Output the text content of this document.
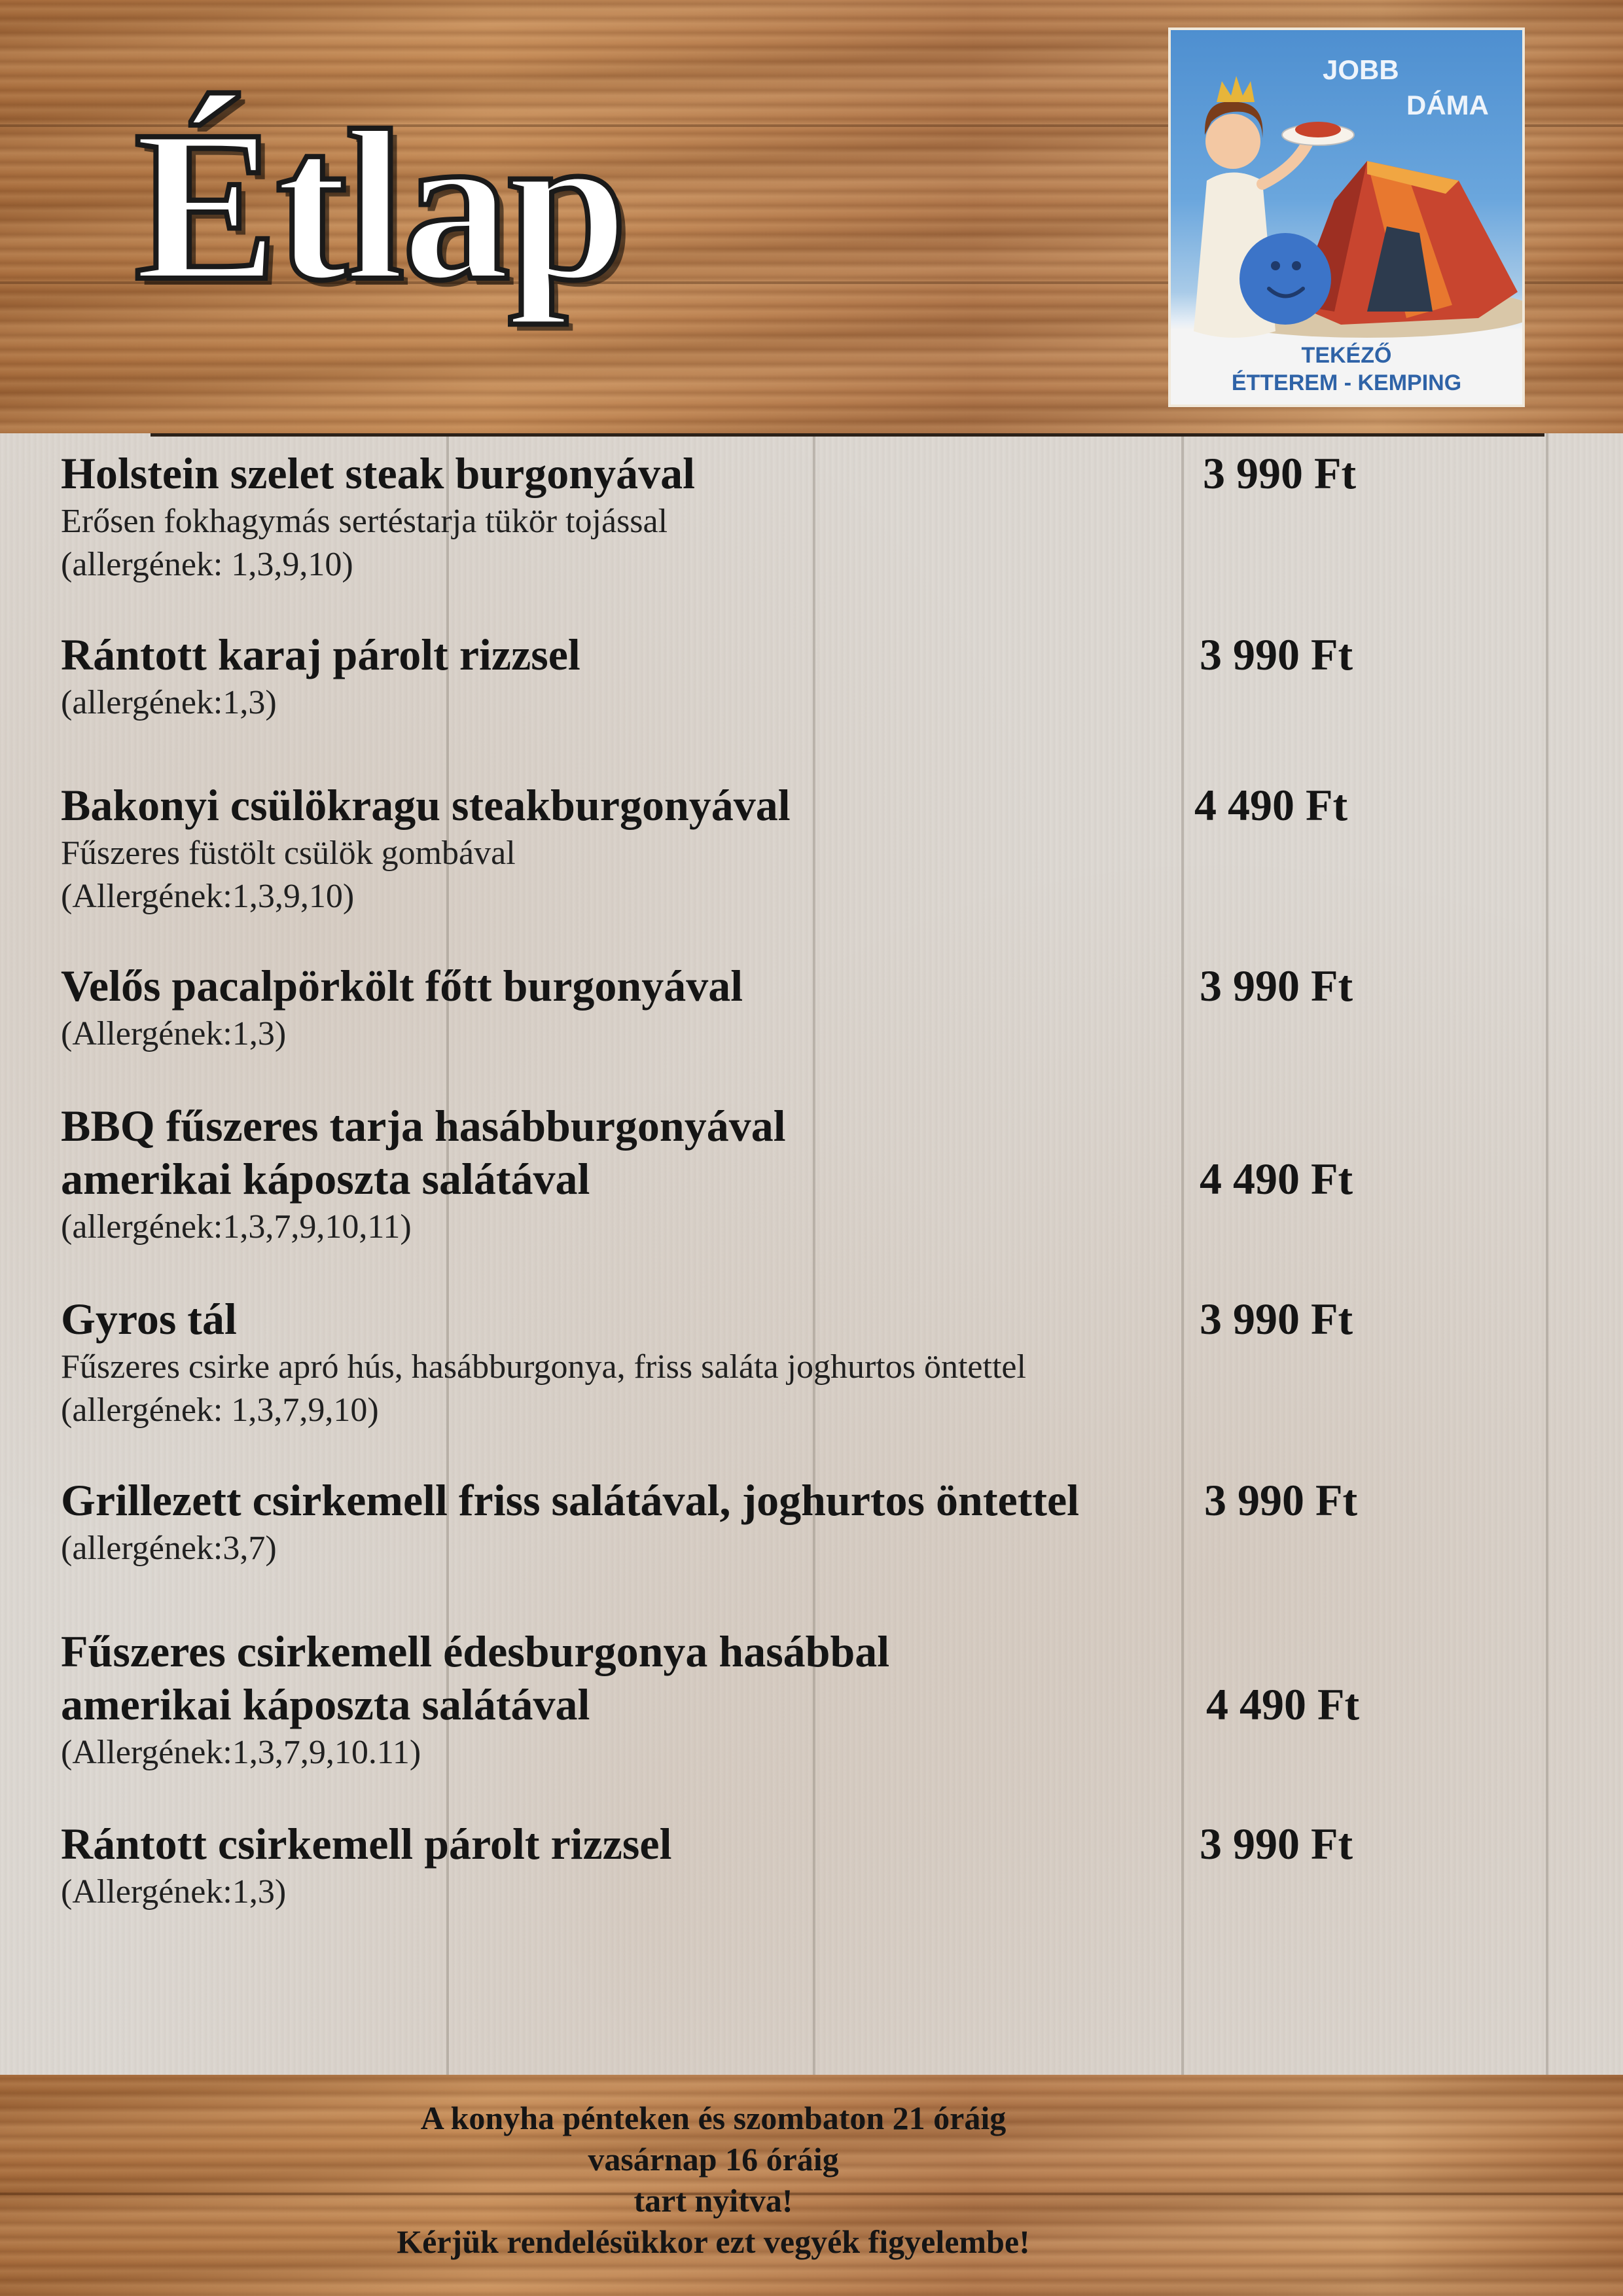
Étlap
JOBB
DÁMA
TEKÉZŐ
ÉTTEREM - KEMPING
Holstein szelet steak burgonyával
Erősen fokhagymás sertéstarja tükör tojással
(allergének: 1,3,9,10)
3 990 Ft
Rántott karaj párolt rizzsel
(allergének:1,3)
3 990 Ft
Bakonyi csülökragu steakburgonyával
Fűszeres füstölt csülök gombával
(Allergének:1,3,9,10)
4 490 Ft
Velős pacalpörkölt főtt burgonyával
(Allergének:1,3)
3 990 Ft
BBQ fűszeres tarja hasábburgonyával
amerikai káposzta salátával
(allergének:1,3,7,9,10,11)
4 490 Ft
Gyros tál
Fűszeres csirke apró hús, hasábburgonya, friss saláta joghurtos öntettel
(allergének: 1,3,7,9,10)
3 990 Ft
Grillezett csirkemell friss salátával, joghurtos öntettel
(allergének:3,7)
3 990 Ft
Fűszeres csirkemell édesburgonya hasábbal
amerikai káposzta salátával
(Allergének:1,3,7,9,10.11)
4 490 Ft
Rántott csirkemell párolt rizzsel
(Allergének:1,3)
3 990 Ft
A konyha pénteken és szombaton 21 óráig
vasárnap 16 óráig
tart nyitva!
Kérjük rendelésükkor ezt vegyék figyelembe!
